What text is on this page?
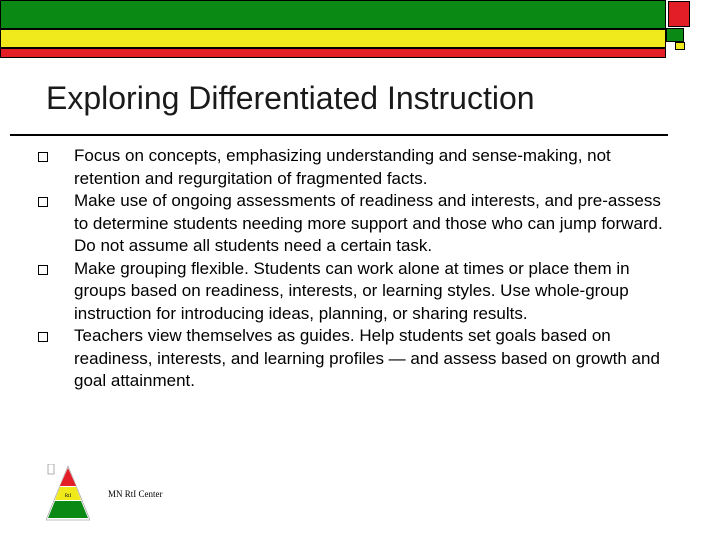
Exploring Differentiated Instruction
Focus on concepts, emphasizing understanding and sense-making, not retention and regurgitation of fragmented facts.
Make use of ongoing assessments of readiness and interests, and pre-assess to determine students needing more support and those who can jump forward. Do not assume all students need a certain task.
Make grouping flexible. Students can work alone at times or place them in groups based on readiness, interests, or learning styles. Use whole-group instruction for introducing ideas, planning, or sharing results.
Teachers view themselves as guides. Help students set goals based on readiness, interests, and learning profiles — and assess based on growth and goal attainment.
RtI	MN RtI Center
